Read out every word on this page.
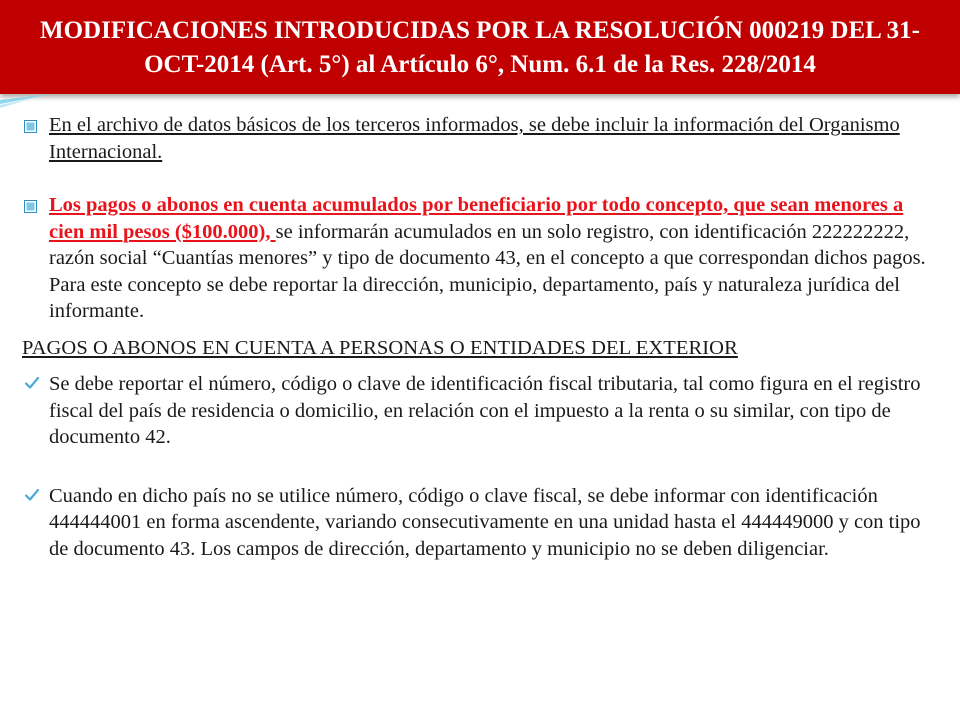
MODIFICACIONES INTRODUCIDAS POR LA RESOLUCIÓN 000219 DEL 31-
OCT-2014 (Art. 5°) al Artículo 6°, Num. 6.1 de la Res. 228/2014
En el archivo de datos básicos de los terceros informados, se debe incluir la información del Organismo Internacional.
Los pagos o abonos en cuenta acumulados por beneficiario por todo concepto, que sean menores a cien mil pesos ($100.000), se informarán acumulados en un solo registro, con identificación 222222222, razón social “Cuantías menores” y tipo de documento 43, en el concepto a que correspondan dichos pagos. Para este concepto se debe reportar la dirección, municipio, departamento, país y naturaleza jurídica del informante.
PAGOS O ABONOS EN CUENTA A PERSONAS O ENTIDADES DEL EXTERIOR
Se debe reportar el número, código o clave de identificación fiscal tributaria, tal como figura en el registro fiscal del país de residencia o domicilio, en relación con el impuesto a la renta o su similar, con tipo de documento 42.
Cuando en dicho país no se utilice número, código o clave fiscal, se debe informar con identificación 444444001 en forma ascendente, variando consecutivamente en una unidad hasta el 444449000 y con tipo de documento 43. Los campos de dirección, departamento y municipio no se deben diligenciar.
